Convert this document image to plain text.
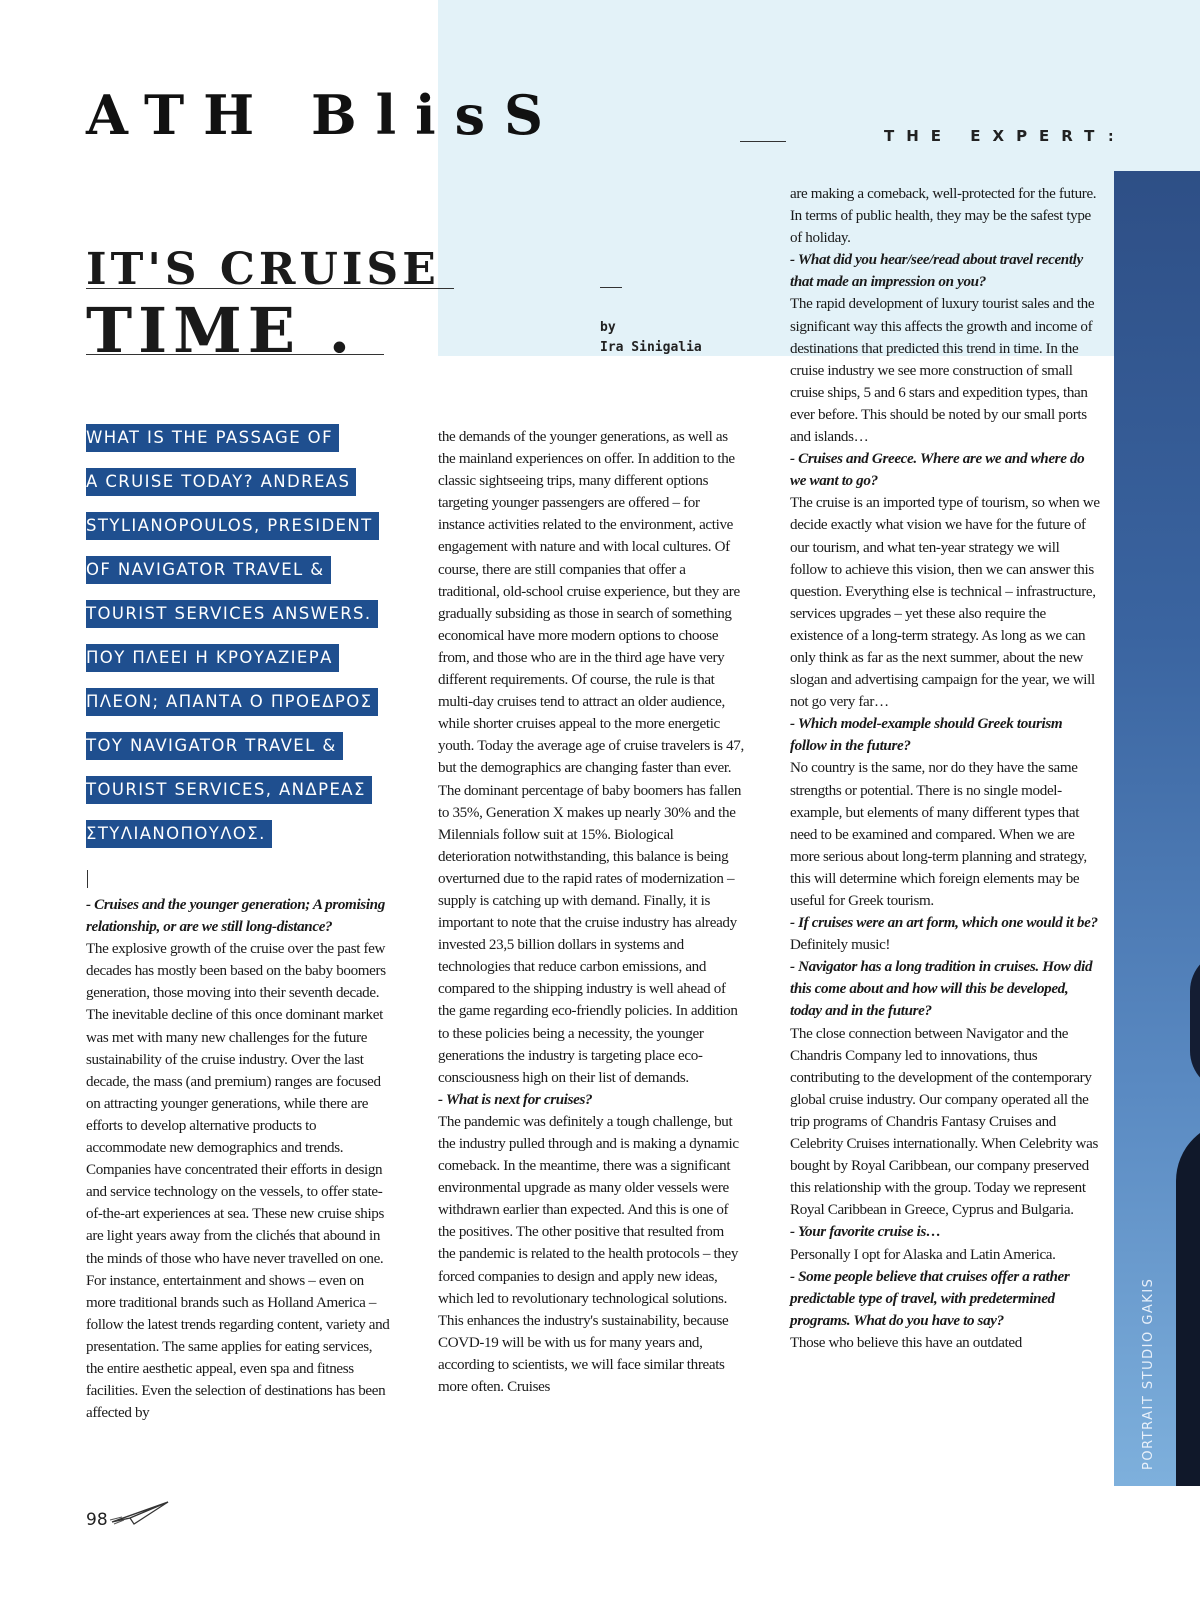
PORTRAIT STUDIO GAKIS
ATH BlisS	THE EXPERT :
IT'S CRUISE
TIME .	by
Ira Sinigalia
WHAT IS THE PASSAGE OF
A CRUISE TODAY? ANDREAS
STYLIANOPOULOS, PRESIDENT
OF NAVIGATOR TRAVEL &
TOURIST SERVICES ANSWERS.
ΠΟΥ ΠΛΕΕΙ Η ΚΡΟΥΑΖΙΕΡΑ
ΠΛΕΟΝ; ΑΠΑΝΤΑ Ο ΠΡΟΕΔΡΟΣ
ΤΟΥ NAVIGATOR TRAVEL &
TOURIST SERVICES, ΑΝΔΡΕΑΣ
ΣΤΥΛΙΑΝΟΠΟΥΛΟΣ.

- Cruises and the younger generation; A promising relationship, or are we still long-distance?

The explosive growth of the cruise over the past few decades has mostly been based on the baby boomers generation, those moving into their seventh decade. The inevitable decline of this once dominant market was met with many new challenges for the future sustainability of the cruise industry. Over the last decade, the mass (and premium) ranges are focused on attracting younger generations, while there are efforts to develop alternative products to accommodate new demographics and trends. Companies have concentrated their efforts in design and service technology on the vessels, to offer state-of-the-art experiences at sea. These new cruise ships are light years away from the clichés that abound in the minds of those who have never travelled on one. For instance, entertainment and shows – even on more traditional brands such as Holland America – follow the latest trends regarding content, variety and presentation. The same applies for eating services, the entire aesthetic appeal, even spa and fitness facilities. Even the selection of destinations has been affected by

the demands of the younger generations, as well as the mainland experiences on offer. In addition to the classic sightseeing trips, many different options targeting younger passengers are offered – for instance activities related to the environment, active engagement with nature and with local cultures. Of course, there are still companies that offer a traditional, old-school cruise experience, but they are gradually subsiding as those in search of something economical have more modern options to choose from, and those who are in the third age have very different requirements. Of course, the rule is that multi-day cruises tend to attract an older audience, while shorter cruises appeal to the more energetic youth. Today the average age of cruise travelers is 47, but the demographics are changing faster than ever. The dominant percentage of baby boomers has fallen to 35%, Generation X makes up nearly 30% and the Milennials follow suit at 15%. Biological deterioration notwithstanding, this balance is being overturned due to the rapid rates of modernization – supply is catching up with demand. Finally, it is important to note that the cruise industry has already invested 23,5 billion dollars in systems and technologies that reduce carbon emissions, and compared to the shipping industry is well ahead of the game regarding eco-friendly policies. In addition to these policies being a necessity, the younger generations the industry is targeting place eco-consciousness high on their list of demands.

- What is next for cruises?

The pandemic was definitely a tough challenge, but the industry pulled through and is making a dynamic comeback. In the meantime, there was a significant environmental upgrade as many older vessels were withdrawn earlier than expected. And this is one of the positives. The other positive that resulted from the pandemic is related to the health protocols – they forced companies to design and apply new ideas, which led to revolutionary technological solutions. This enhances the industry's sustainability, because COVD-19 will be with us for many years and, according to scientists, we will face similar threats more often. Cruises

are making a comeback, well-protected for the future. In terms of public health, they may be the safest type of holiday.

- What did you hear/see/read about travel recently that made an impression on you?

The rapid development of luxury tourist sales and the significant way this affects the growth and income of destinations that predicted this trend in time. In the cruise industry we see more construction of small cruise ships, 5 and 6 stars and expedition types, than ever before. This should be noted by our small ports and islands…

- Cruises and Greece. Where are we and where do we want to go?

The cruise is an imported type of tourism, so when we decide exactly what vision we have for the future of our tourism, and what ten-year strategy we will follow to achieve this vision, then we can answer this question. Everything else is technical – infrastructure, services upgrades – yet these also require the existence of a long-term strategy. As long as we can only think as far as the next summer, about the new slogan and advertising campaign for the year, we will not go very far…

- Which model-example should Greek tourism follow in the future?

No country is the same, nor do they have the same strengths or potential. There is no single model-example, but elements of many different types that need to be examined and compared. When we are more serious about long-term planning and strategy, this will determine which foreign elements may be useful for Greek tourism.

- If cruises were an art form, which one would it be?

Definitely music!

- Navigator has a long tradition in cruises. How did this come about and how will this be developed, today and in the future?

The close connection between Navigator and the Chandris Company led to innovations, thus contributing to the development of the contemporary global cruise industry. Our company operated all the trip programs of Chandris Fantasy Cruises and Celebrity Cruises internationally. When Celebrity was bought by Royal Caribbean, our company preserved this relationship with the group. Today we represent Royal Caribbean in Greece, Cyprus and Bulgaria.

- Your favorite cruise is…

Personally I opt for Alaska and Latin America.

- Some people believe that cruises offer a rather predictable type of travel, with predetermined programs. What do you have to say?

Those who believe this have an outdated

98
